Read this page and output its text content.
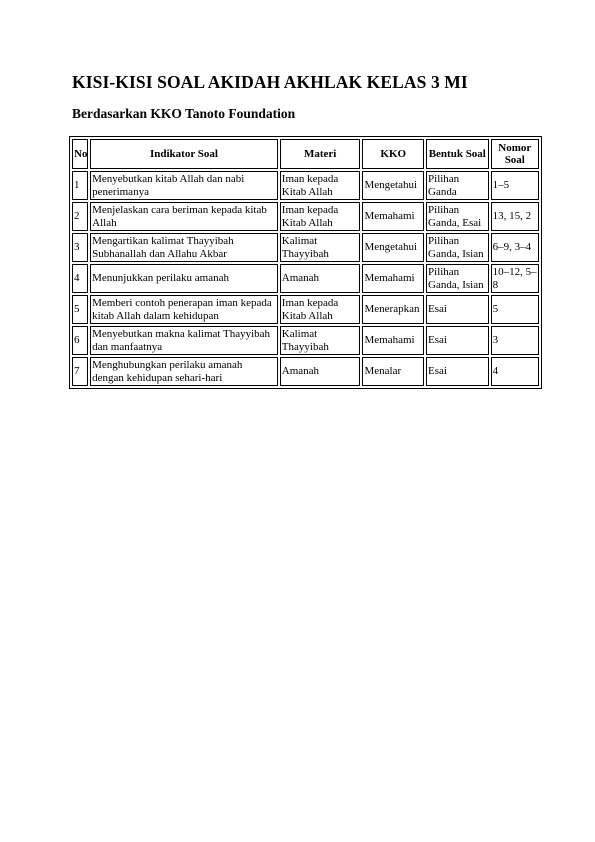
KISI-KISI SOAL AKIDAH AKHLAK KELAS 3 MI
Berdasarkan KKO Tanoto Foundation
No	Indikator Soal	Materi	KKO	Bentuk Soal	Nomor Soal
1	Menyebutkan kitab Allah dan nabi penerimanya	Iman kepada Kitab Allah	Mengetahui	Pilihan Ganda	1–5
2	Menjelaskan cara beriman kepada kitab Allah	Iman kepada Kitab Allah	Memahami	Pilihan Ganda, Esai	13, 15, 2
3	Mengartikan kalimat Thayyibah Subhanallah dan Allahu Akbar	Kalimat Thayyibah	Mengetahui	Pilihan Ganda, Isian	6–9, 3–4
4	Menunjukkan perilaku amanah	Amanah	Memahami	Pilihan Ganda, Isian	10–12, 5–8
5	Memberi contoh penerapan iman kepada kitab Allah dalam kehidupan	Iman kepada Kitab Allah	Menerapkan	Esai	5
6	Menyebutkan makna kalimat Thayyibah dan manfaatnya	Kalimat Thayyibah	Memahami	Esai	3
7	Menghubungkan perilaku amanah dengan kehidupan sehari-hari	Amanah	Menalar	Esai	4
